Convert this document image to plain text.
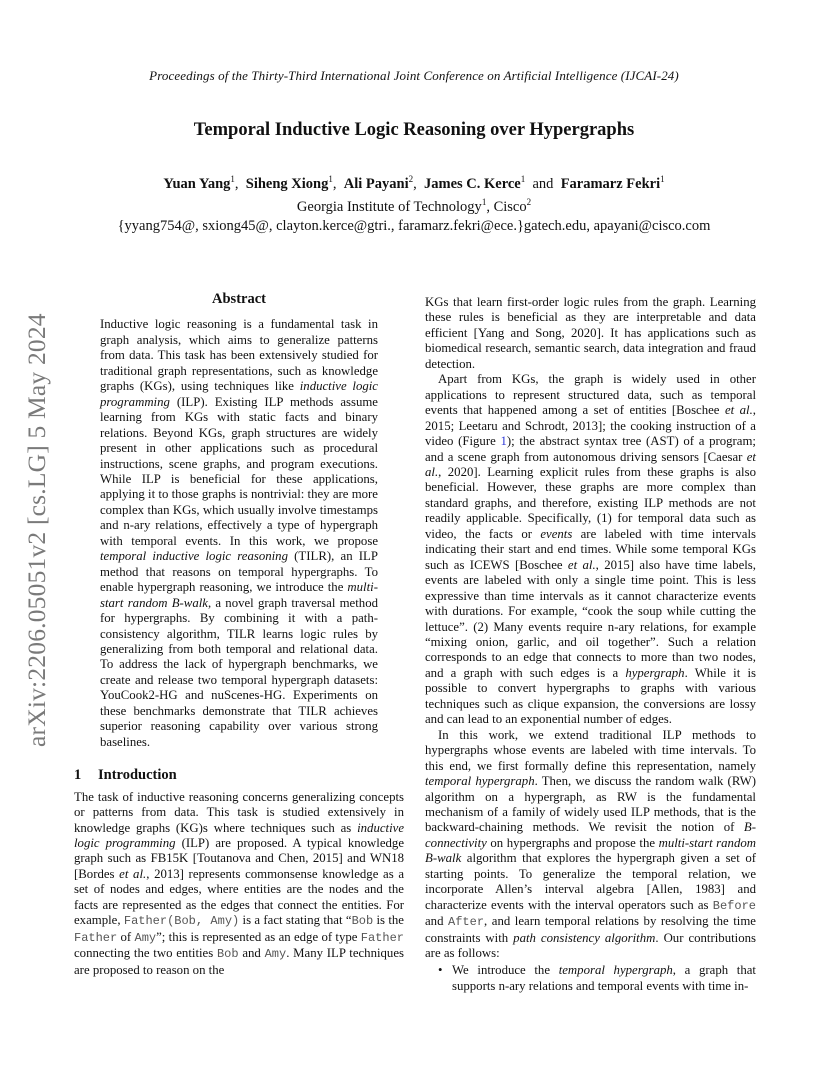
Proceedings of the Thirty-Third International Joint Conference on Artificial Intelligence (IJCAI-24)
Temporal Inductive Logic Reasoning over Hypergraphs
Yuan Yang$^1$, Siheng Xiong$^1$, Ali Payani$^2$, James C. Kerce$^1$ and Faramarz Fekri$^1$
Georgia Institute of Technology$^1$, Cisco$^2$
{yyang754@, sxiong45@, clayton.kerce@gtri., faramarz.fekri@ece.}gatech.edu, apayani@cisco.com
arXiv:2206.05051v2 [cs.LG] 5 May 2024
Abstract

Inductive logic reasoning is a fundamental task in graph analysis, which aims to generalize patterns from data. This task has been extensively studied for traditional graph representations, such as knowledge graphs (KGs), using techniques like inductive logic programming (ILP). Existing ILP methods assume learning from KGs with static facts and binary relations. Beyond KGs, graph structures are widely present in other applications such as procedural instructions, scene graphs, and program executions. While ILP is beneficial for these applications, applying it to those graphs is nontrivial: they are more complex than KGs, which usually involve timestamps and n-ary relations, effectively a type of hypergraph with temporal events. In this work, we propose temporal inductive logic reasoning (TILR), an ILP method that reasons on temporal hypergraphs. To enable hypergraph reasoning, we introduce the multi-start random B-walk, a novel graph traversal method for hypergraphs. By combining it with a path-consistency algorithm, TILR learns logic rules by generalizing from both temporal and relational data. To address the lack of hypergraph benchmarks, we create and release two temporal hypergraph datasets: YouCook2-HG and nuScenes-HG. Experiments on these benchmarks demonstrate that TILR achieves superior reasoning capability over various strong baselines.

1 Introduction

The task of inductive reasoning concerns generalizing concepts or patterns from data. This task is studied extensively in knowledge graphs (KG)s where techniques such as inductive logic programming (ILP) are proposed. A typical knowledge graph such as FB15K [Toutanova and Chen, 2015] and WN18 [Bordes et al., 2013] represents commonsense knowledge as a set of nodes and edges, where entities are the nodes and the facts are represented as the edges that connect the entities. For example, Father(Bob, Amy) is a fact stating that “Bob is the Father of Amy”; this is represented as an edge of type Father connecting the two entities Bob and Amy. Many ILP techniques are proposed to reason on the

KGs that learn first-order logic rules from the graph. Learning these rules is beneficial as they are interpretable and data efficient [Yang and Song, 2020]. It has applications such as biomedical research, semantic search, data integration and fraud detection.

Apart from KGs, the graph is widely used in other applications to represent structured data, such as temporal events that happened among a set of entities [Boschee et al., 2015; Leetaru and Schrodt, 2013]; the cooking instruction of a video (Figure 1); the abstract syntax tree (AST) of a program; and a scene graph from autonomous driving sensors [Caesar et al., 2020]. Learning explicit rules from these graphs is also beneficial. However, these graphs are more complex than standard graphs, and therefore, existing ILP methods are not readily applicable. Specifically, (1) for temporal data such as video, the facts or events are labeled with time intervals indicating their start and end times. While some temporal KGs such as ICEWS [Boschee et al., 2015] also have time labels, events are labeled with only a single time point. This is less expressive than time intervals as it cannot characterize events with durations. For example, “cook the soup while cutting the lettuce”. (2) Many events require n-ary relations, for example “mixing onion, garlic, and oil together”. Such a relation corresponds to an edge that connects to more than two nodes, and a graph with such edges is a hypergraph. While it is possible to convert hypergraphs to graphs with various techniques such as clique expansion, the conversions are lossy and can lead to an exponential number of edges.

In this work, we extend traditional ILP methods to hypergraphs whose events are labeled with time intervals. To this end, we first formally define this representation, namely temporal hypergraph. Then, we discuss the random walk (RW) algorithm on a hypergraph, as RW is the fundamental mechanism of a family of widely used ILP methods, that is the backward-chaining methods. We revisit the notion of B-connectivity on hypergraphs and propose the multi-start random B-walk algorithm that explores the hypergraph given a set of starting points. To generalize the temporal relation, we incorporate Allen’s interval algebra [Allen, 1983] and characterize events with the interval operators such as Before and After, and learn temporal relations by resolving the time constraints with path consistency algorithm. Our contributions are as follows:

• We introduce the temporal hypergraph, a graph that supports n-ary relations and temporal events with time in-
